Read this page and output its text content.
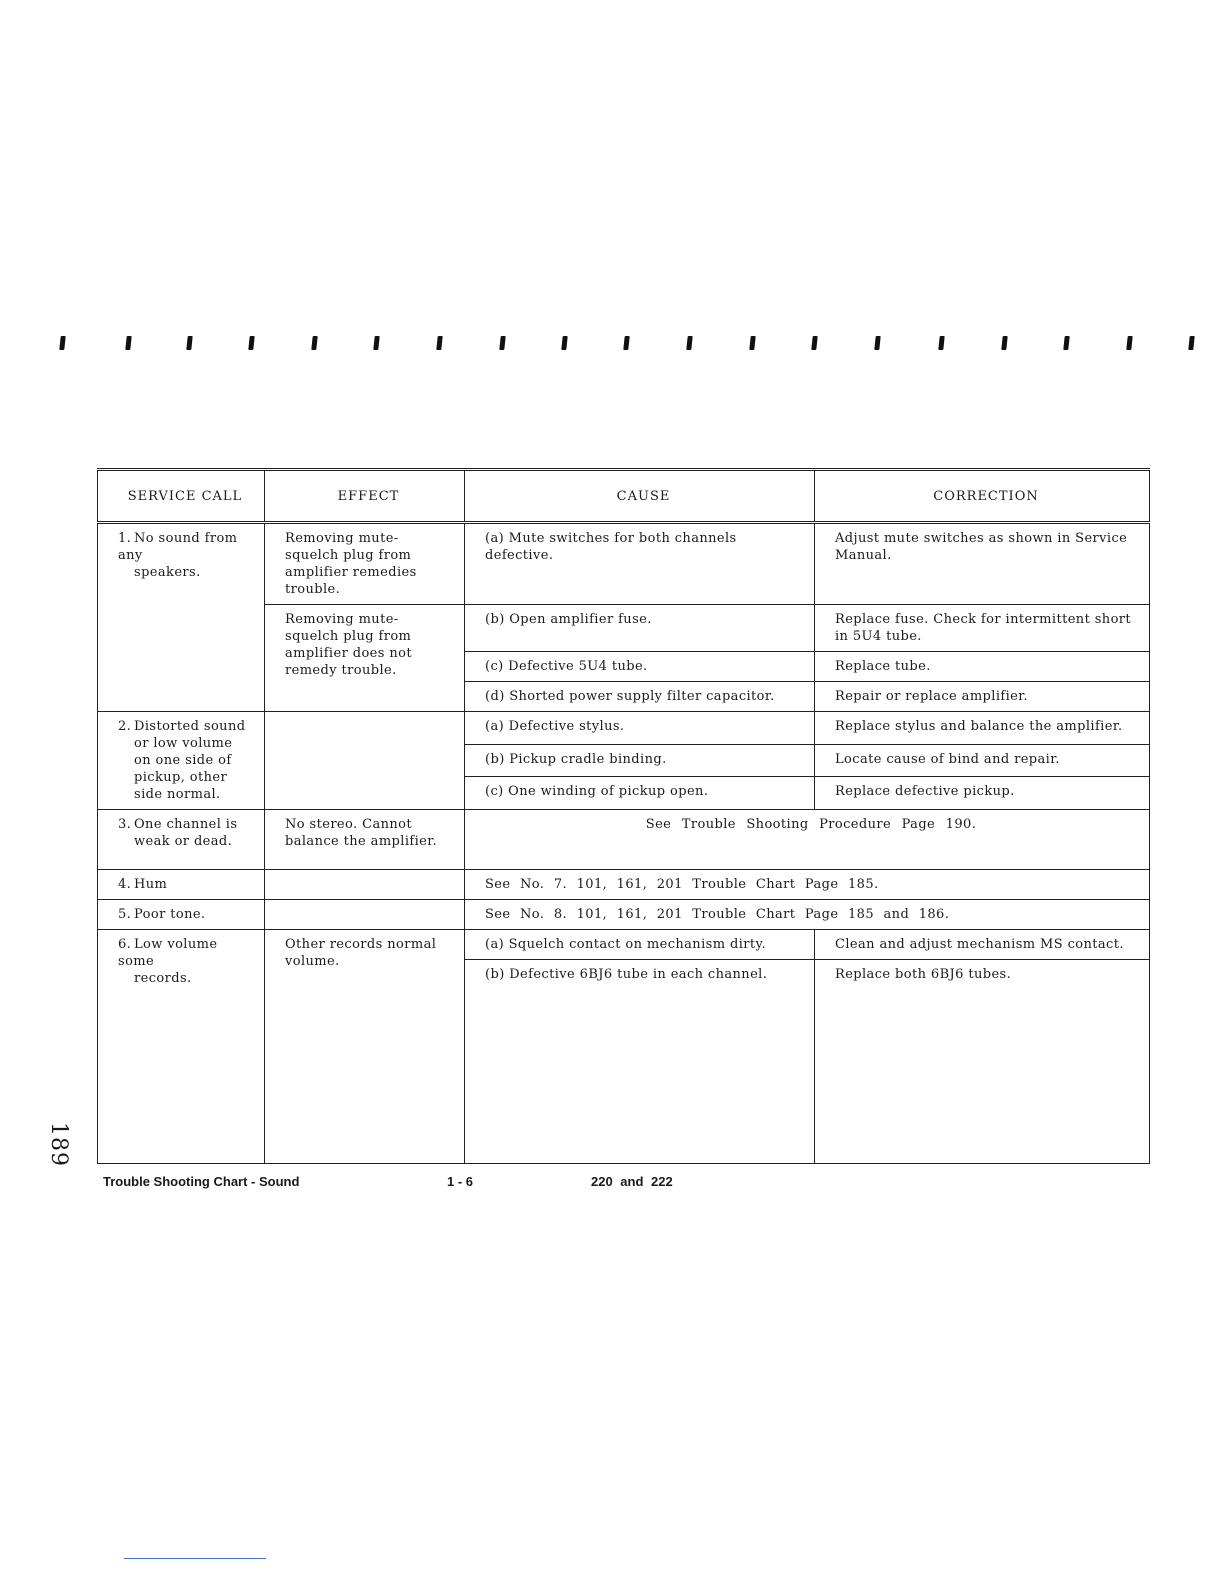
189
SERVICE CALL	EFFECT	CAUSE	CORRECTION
1. No sound from any
speakers.	Removing mute-squelch plug from amplifier remedies trouble.	(a) Mute switches for both channels defective.	Adjust mute switches as shown in Service Manual.
	Removing mute-squelch plug from amplifier does not remedy trouble.	(b) Open amplifier fuse.	Replace fuse. Check for intermittent short in 5U4 tube.
		(c) Defective 5U4 tube.	Replace tube.
		(d) Shorted power supply filter capacitor.	Repair or replace amplifier.
2. Distorted sound
or low volume on one side of pickup, other side normal.		(a) Defective stylus.	Replace stylus and balance the amplifier.
		(b) Pickup cradle binding.	Locate cause of bind and repair.
		(c) One winding of pickup open.	Replace defective pickup.
3. One channel is
weak or dead.	No stereo. Cannot balance the amplifier.	See Trouble Shooting Procedure Page 190.	
4. Hum		See No. 7. 101, 161, 201 Trouble Chart Page 185.	
5. Poor tone.		See No. 8. 101, 161, 201 Trouble Chart Page 185 and 186.	
6. Low volume some
records.	Other records normal volume.	(a) Squelch contact on mechanism dirty.	Clean and adjust mechanism MS contact.
		(b) Defective 6BJ6 tube in each channel.	Replace both 6BJ6 tubes.
Trouble Shooting Chart - Sound	1 - 6	220 and 222
